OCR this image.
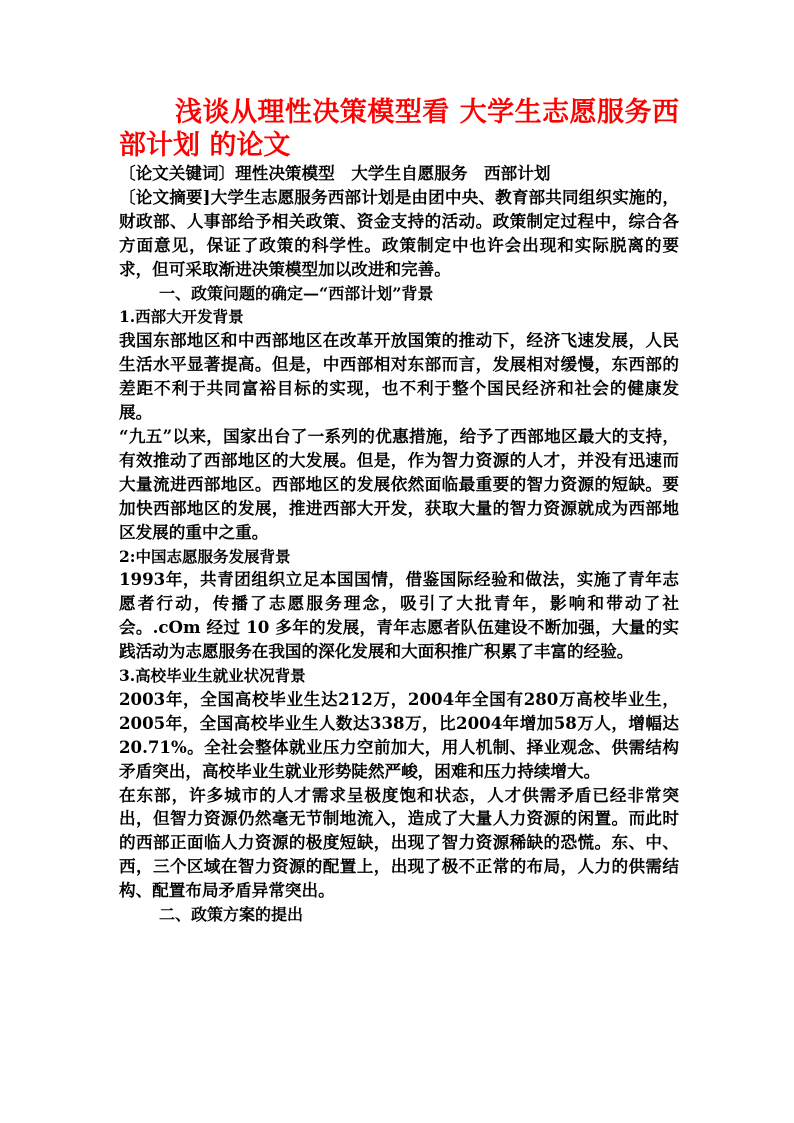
浅谈从理性决策模型看 大学生志愿服务西部计划 的论文

〔论文关键词〕理性决策模型　大学生自愿服务　西部计划

〔论文摘要]大学生志愿服务西部计划是由团中央、教育部共同组织实施的，财政部、人事部给予相关政策、资金支持的活动。政策制定过程中，综合各方面意见，保证了政策的科学性。政策制定中也许会出现和实际脱离的要求，但可采取渐进决策模型加以改进和完善。

一、政策问题的确定—“西部计划”背景

1.西部大开发背景

我国东部地区和中西部地区在改革开放国策的推动下，经济飞速发展，人民生活水平显著提高。但是，中西部相对东部而言，发展相对缓慢，东西部的差距不利于共同富裕目标的实现，也不利于整个国民经济和社会的健康发展。

“九五”以来，国家出台了一系列的优惠措施，给予了西部地区最大的支持，有效推动了西部地区的大发展。但是，作为智力资源的人才，并没有迅速而大量流进西部地区。西部地区的发展依然面临最重要的智力资源的短缺。要加快西部地区的发展，推进西部大开发，获取大量的智力资源就成为西部地区发展的重中之重。

2:中国志愿服务发展背景

1993年，共青团组织立足本国国情，借鉴国际经验和做法，实施了青年志愿者行动，传播了志愿服务理念，吸引了大批青年，影响和带动了社会。.cOm 经过 10 多年的发展，青年志愿者队伍建设不断加强，大量的实践活动为志愿服务在我国的深化发展和大面积推广积累了丰富的经验。

3.高校毕业生就业状况背景

2003年，全国高校毕业生达212万，2004年全国有280万高校毕业生，2005年，全国高校毕业生人数达338万，比2004年增加58万人，增幅达20.71%。全社会整体就业压力空前加大，用人机制、择业观念、供需结构矛盾突出，高校毕业生就业形势陡然严峻，困难和压力持续增大。

在东部，许多城市的人才需求呈极度饱和状态，人才供需矛盾已经非常突出，但智力资源仍然毫无节制地流入，造成了大量人力资源的闲置。而此时的西部正面临人力资源的极度短缺，出现了智力资源稀缺的恐慌。东、中、西，三个区域在智力资源的配置上，出现了极不正常的布局，人力的供需结构、配置布局矛盾异常突出。

二、政策方案的提出
